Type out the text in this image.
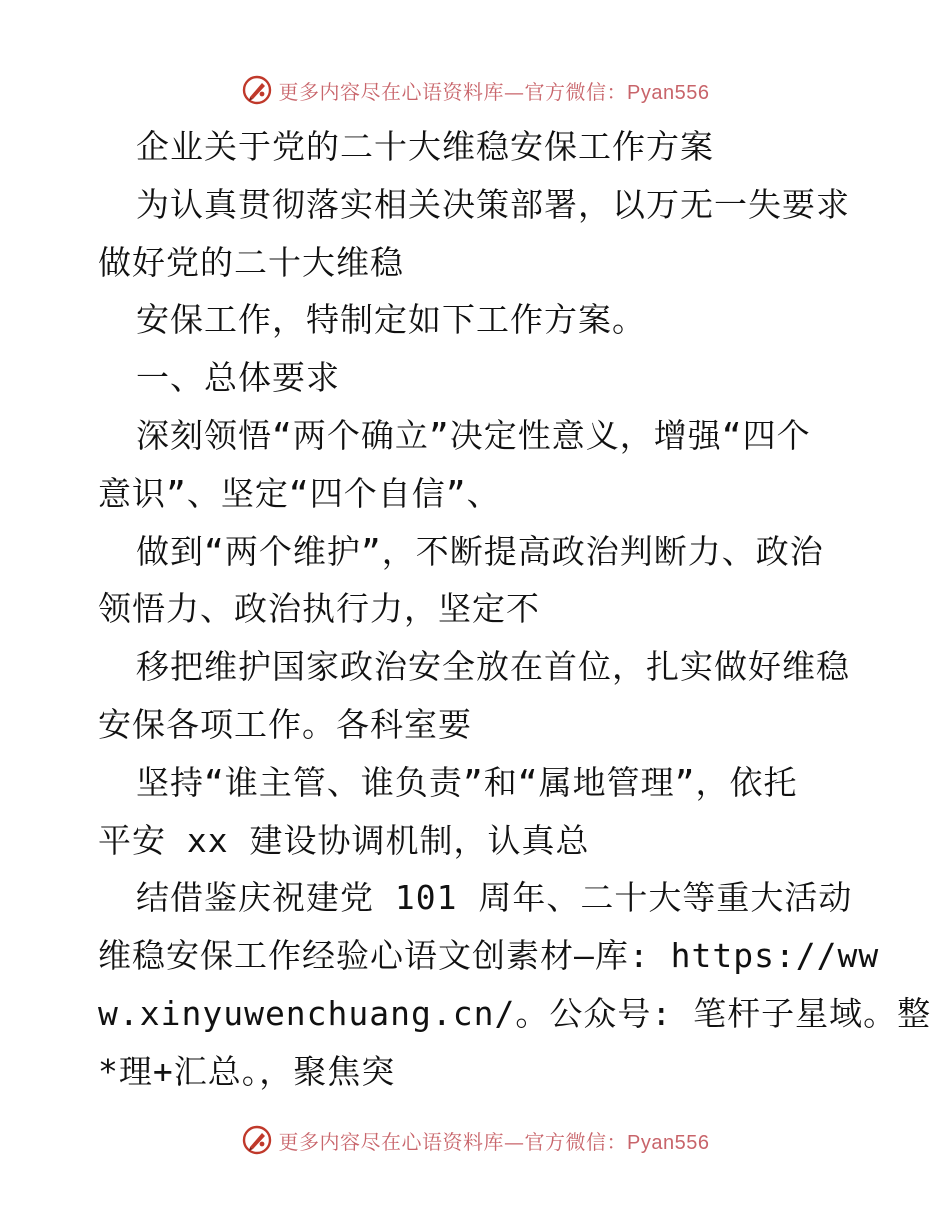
更多内容尽在心语资料库—官方微信：Pyan556
企业关于党的二十大维稳安保工作方案
为认真贯彻落实相关决策部署，以万无一失要求
做好党的二十大维稳
安保工作，特制定如下工作方案。
一、总体要求
深刻领悟“两个确立”决定性意义，增强“四个
意识”、坚定“四个自信”、
做到“两个维护”，不断提高政治判断力、政治
领悟力、政治执行力，坚定不
移把维护国家政治安全放在首位，扎实做好维稳
安保各项工作。各科室要
坚持“谁主管、谁负责”和“属地管理”，依托
平安 xx 建设协调机制，认真总
结借鉴庆祝建党 101 周年、二十大等重大活动
维稳安保工作经验心语文创素材—库: https://ww
w.xinyuwenchuang.cn/。公众号: 笔杆子星域。整
*理+汇总。，聚焦突
更多内容尽在心语资料库—官方微信：Pyan556
